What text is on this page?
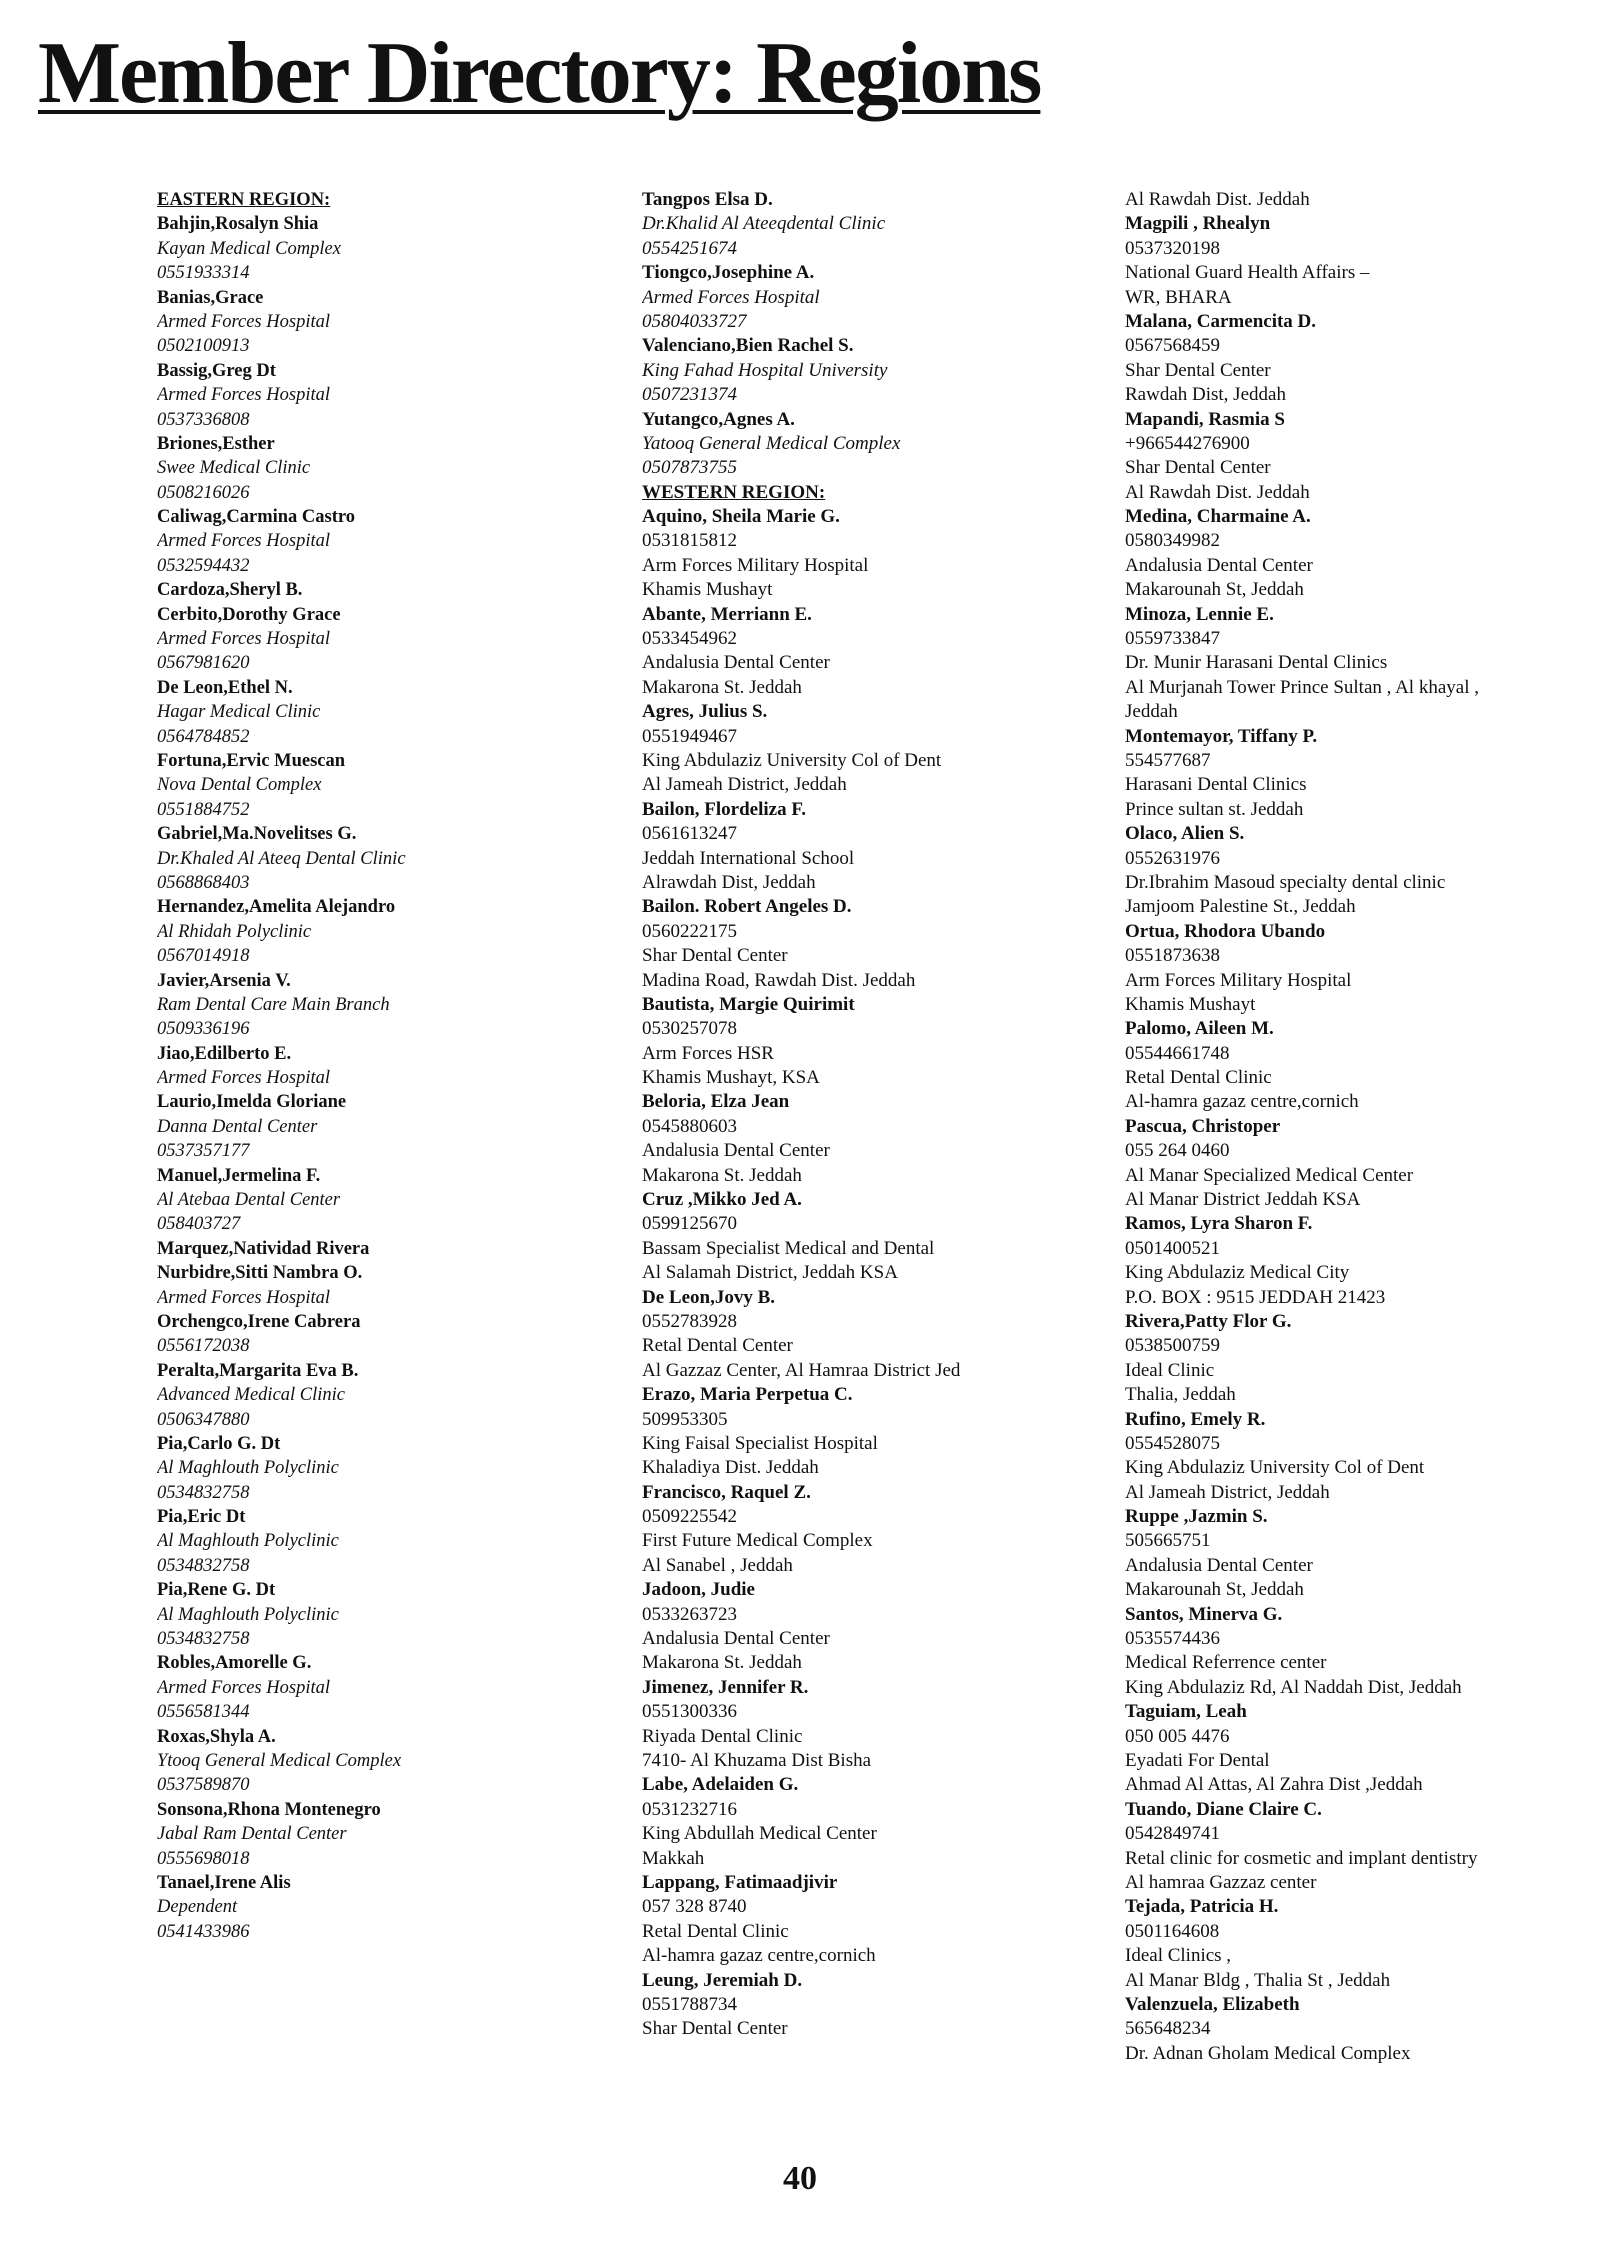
Member Directory: Regions
EASTERN REGION:
Bahjin,Rosalyn Shia
Kayan Medical Complex
0551933314
Banias,Grace
Armed Forces Hospital
0502100913
Bassig,Greg Dt
Armed Forces Hospital
0537336808
Briones,Esther
Swee Medical Clinic
0508216026
Caliwag,Carmina Castro
Armed Forces Hospital
0532594432
Cardoza,Sheryl B.
Cerbito,Dorothy Grace
Armed Forces Hospital
0567981620
De Leon,Ethel N.
Hagar Medical Clinic
0564784852
Fortuna,Ervic Muescan
Nova Dental Complex
0551884752
Gabriel,Ma.Novelitses G.
Dr.Khaled Al Ateeq Dental Clinic
0568868403
Hernandez,Amelita Alejandro
Al Rhidah Polyclinic
0567014918
Javier,Arsenia V.
Ram Dental Care Main Branch
0509336196
Jiao,Edilberto E.
Armed Forces Hospital
Laurio,Imelda Gloriane
Danna Dental Center
0537357177
Manuel,Jermelina F.
Al Atebaa Dental Center
058403727
Marquez,Natividad Rivera
Nurbidre,Sitti Nambra O.
Armed Forces Hospital
Orchengco,Irene Cabrera
0556172038
Peralta,Margarita Eva B.
Advanced Medical Clinic
0506347880
Pia,Carlo G. Dt
Al Maghlouth Polyclinic
0534832758
Pia,Eric Dt
Al Maghlouth Polyclinic
0534832758
Pia,Rene G. Dt
Al Maghlouth Polyclinic
0534832758
Robles,Amorelle G.
Armed Forces Hospital
0556581344
Roxas,Shyla A.
Ytooq General Medical Complex
0537589870
Sonsona,Rhona Montenegro
Jabal Ram Dental Center
0555698018
Tanael,Irene Alis
Dependent
0541433986
Tangpos Elsa D.
Dr.Khalid Al Ateeqdental Clinic
0554251674
Tiongco,Josephine A.
Armed Forces Hospital
05804033727
Valenciano,Bien Rachel S.
King Fahad Hospital University
0507231374
Yutangco,Agnes A.
Yatooq General Medical Complex
0507873755
WESTERN REGION:
Aquino, Sheila Marie G.
0531815812
Arm Forces Military Hospital
Khamis Mushayt
Abante, Merriann E.
0533454962
Andalusia Dental Center
Makarona St. Jeddah
Agres, Julius S.
0551949467
King Abdulaziz University Col of Dent
Al Jameah District, Jeddah
Bailon, Flordeliza F.
0561613247
Jeddah International School
Alrawdah Dist, Jeddah
Bailon. Robert Angeles D.
0560222175
Shar Dental Center
Madina Road, Rawdah Dist. Jeddah
Bautista, Margie Quirimit
0530257078
Arm Forces HSR
Khamis Mushayt, KSA
Beloria, Elza Jean
0545880603
Andalusia Dental Center
Makarona St. Jeddah
Cruz ,Mikko Jed A.
0599125670
Bassam Specialist Medical and Dental
Al Salamah District, Jeddah KSA
De Leon,Jovy B.
0552783928
Retal Dental Center
Al Gazzaz Center, Al Hamraa District Jed
Erazo, Maria Perpetua C.
509953305
King Faisal Specialist Hospital
Khaladiya Dist. Jeddah
Francisco, Raquel Z.
0509225542
First Future Medical Complex
Al Sanabel , Jeddah
Jadoon, Judie
0533263723
Andalusia Dental Center
Makarona St. Jeddah
Jimenez, Jennifer R.
0551300336
Riyada Dental Clinic
7410- Al Khuzama Dist Bisha
Labe, Adelaiden G.
0531232716
King Abdullah Medical Center
Makkah
Lappang, Fatimaadjivir
057 328 8740
Retal Dental Clinic
Al-hamra gazaz centre,cornich
Leung, Jeremiah D.
0551788734
Shar Dental Center
Al Rawdah Dist. Jeddah
Magpili , Rhealyn
0537320198
National Guard Health Affairs –
WR, BHARA
Malana, Carmencita D.
0567568459
Shar Dental Center
Rawdah Dist, Jeddah
Mapandi, Rasmia S
+966544276900
Shar Dental Center
Al Rawdah Dist. Jeddah
Medina, Charmaine A.
0580349982
Andalusia Dental Center
Makarounah St, Jeddah
Minoza, Lennie E.
0559733847
Dr. Munir Harasani Dental Clinics
Al Murjanah Tower Prince Sultan , Al khayal ,
Jeddah
Montemayor, Tiffany P.
554577687
Harasani Dental Clinics
Prince sultan st. Jeddah
Olaco, Alien S.
0552631976
Dr.Ibrahim Masoud specialty dental clinic
Jamjoom Palestine St., Jeddah
Ortua, Rhodora Ubando
0551873638
Arm Forces Military Hospital
Khamis Mushayt
Palomo, Aileen M.
05544661748
Retal Dental Clinic
Al-hamra gazaz centre,cornich
Pascua, Christoper
055 264 0460
Al Manar Specialized Medical Center
Al Manar District Jeddah KSA
Ramos, Lyra Sharon F.
0501400521
King Abdulaziz Medical City
P.O. BOX : 9515 JEDDAH 21423
Rivera,Patty Flor G.
0538500759
Ideal Clinic
Thalia, Jeddah
Rufino, Emely R.
0554528075
King Abdulaziz University Col of Dent
Al Jameah District, Jeddah
Ruppe ,Jazmin S.
505665751
Andalusia Dental Center
Makarounah St, Jeddah
Santos, Minerva G.
0535574436
Medical Referrence center
King Abdulaziz Rd, Al Naddah Dist, Jeddah
Taguiam, Leah
050 005 4476
Eyadati For Dental
Ahmad Al Attas, Al Zahra Dist ,Jeddah
Tuando, Diane Claire C.
0542849741
Retal clinic for cosmetic and implant dentistry
Al hamraa Gazzaz center
Tejada, Patricia H.
0501164608
Ideal Clinics ,
Al Manar Bldg , Thalia St , Jeddah
Valenzuela, Elizabeth
565648234
Dr. Adnan Gholam Medical Complex
40
